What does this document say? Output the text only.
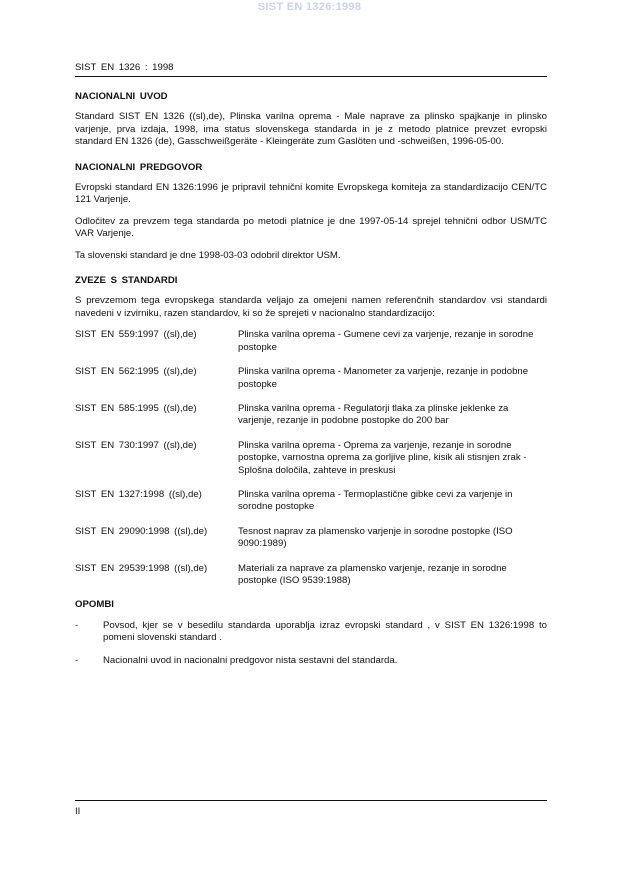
SIST EN 1326:1998
SIST EN 1326 : 1998
NACIONALNI UVOD

Standard SIST EN 1326 ((sl),de), Plinska varilna oprema - Male naprave za plinsko spajkanje in plinsko varjenje, prva izdaja, 1998, ima status slovenskega standarda in je z metodo platnice prevzet evropski standard EN 1326 (de), Gasschweißgeräte - Kleingeräte zum Gaslöten und -schweißen, 1996-05-00.

NACIONALNI PREDGOVOR

Evropski standard EN 1326:1996 je pripravil tehnični komite Evropskega komiteja za standardizacijo CEN/TC 121 Varjenje.

Odločitev za prevzem tega standarda po metodi platnice je dne 1997-05-14 sprejel tehnični odbor USM/TC VAR Varjenje.

Ta slovenski standard je dne 1998-03-03 odobril direktor USM.

ZVEZE S STANDARDI

S prevzemom tega evropskega standarda veljajo za omejeni namen referenčnih standardov vsi standardi navedeni v izvirniku, razen standardov, ki so že sprejeti v nacionalno standardizacijo:

SIST EN 559:1997 ((sl),de)	Plinska varilna oprema - Gumene cevi za varjenje, rezanje in sorodne postopke
SIST EN 562:1995 ((sl),de)	Plinska varilna oprema - Manometer za varjenje, rezanje in podobne postopke
SIST EN 585:1995 ((sl),de)	Plinska varilna oprema - Regulatorji tlaka za plinske jeklenke za varjenje, rezanje in podobne postopke do 200 bar
SIST EN 730:1997 ((sl),de)	Plinska varilna oprema - Oprema za varjenje, rezanje in sorodne postopke, varnostna oprema za gorljive pline, kisik ali stisnjen zrak - Splošna določila, zahteve in preskusi
SIST EN 1327:1998 ((sl),de)	Plinska varilna oprema - Termoplastične gibke cevi za varjenje in sorodne postopke
SIST EN 29090:1998 ((sl),de)	Tesnost naprav za plamensko varjenje in sorodne postopke (ISO 9090:1989)
SIST EN 29539:1998 ((sl),de)	Materiali za naprave za plamensko varjenje, rezanje in sorodne postopke (ISO 9539:1988)
OPOMBI
-	Povsod, kjer se v besedilu standarda uporablja izraz evropski standard , v SIST EN 1326:1998 to pomeni slovenski standard .
-	Nacionalni uvod in nacionalni predgovor nista sestavni del standarda.
II
